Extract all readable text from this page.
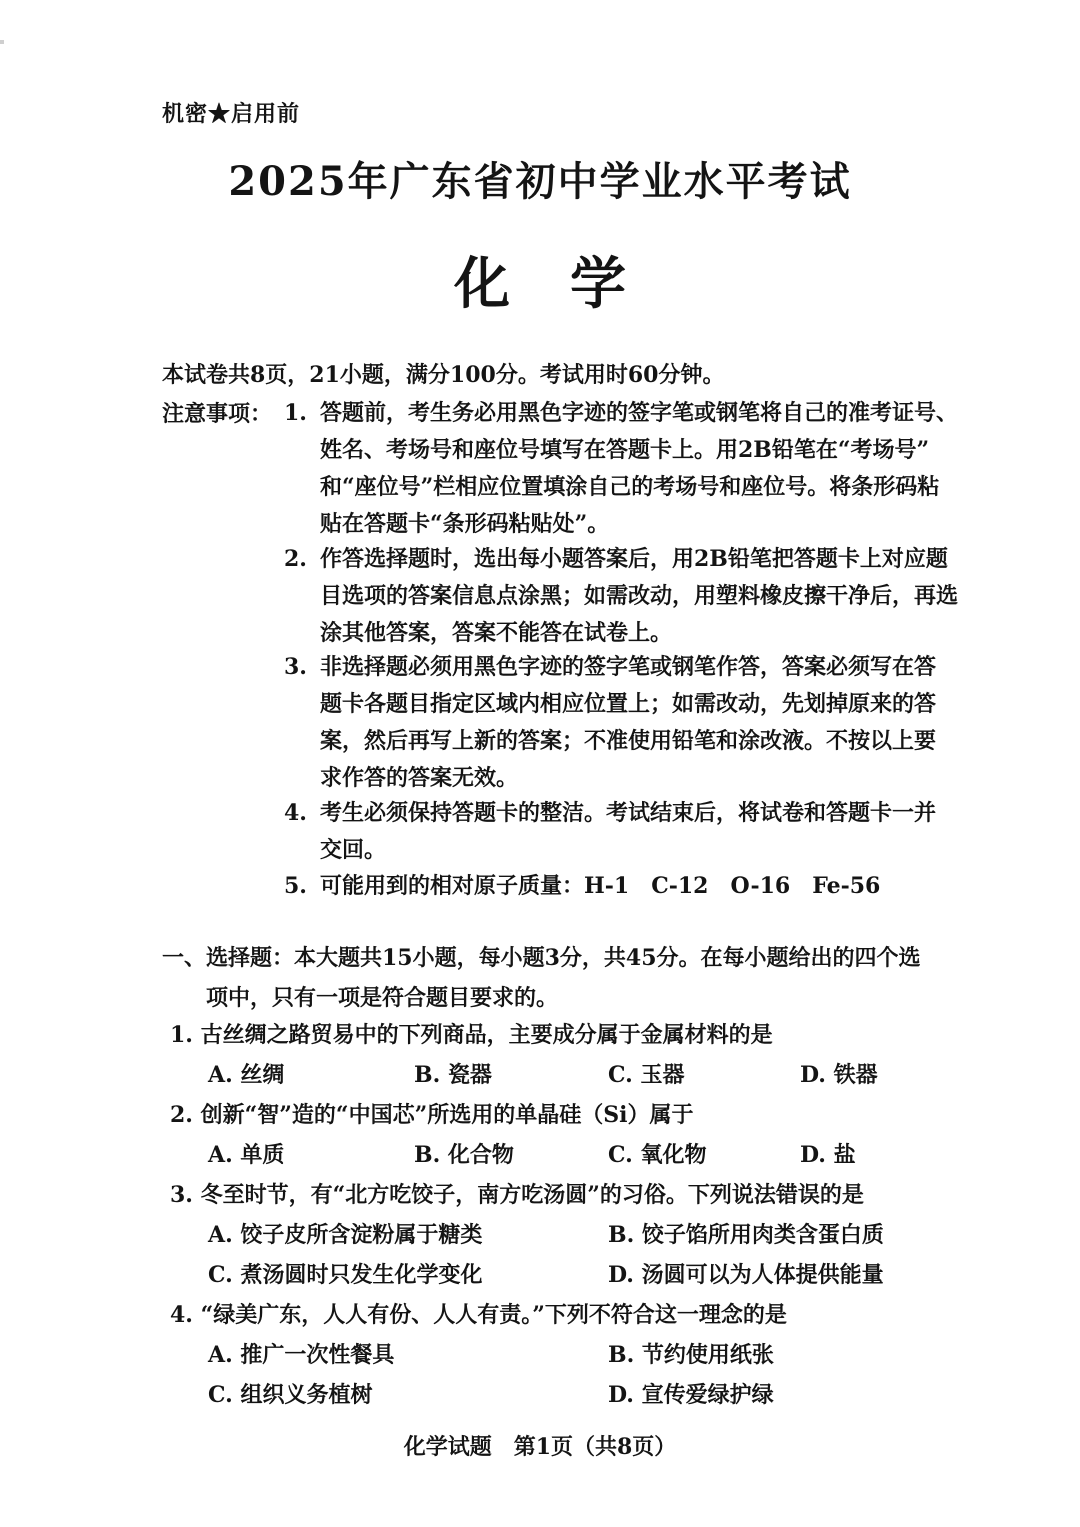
机密★启用前
2025年广东省初中学业水平考试
化学
本试卷共8页，21小题，满分100分。考试用时60分钟。
注意事项： 1. 答题前，考生务必用黑色字迹的签字笔或钢笔将自己的准考证号、
姓名、考场号和座位号填写在答题卡上。用2B铅笔在“考场号”
和“座位号”栏相应位置填涂自己的考场号和座位号。将条形码粘
贴在答题卡“条形码粘贴处”。
2. 作答选择题时，选出每小题答案后，用2B铅笔把答题卡上对应题
目选项的答案信息点涂黑；如需改动，用塑料橡皮擦干净后，再选
涂其他答案，答案不能答在试卷上。
3. 非选择题必须用黑色字迹的签字笔或钢笔作答，答案必须写在答
题卡各题目指定区域内相应位置上；如需改动，先划掉原来的答
案，然后再写上新的答案；不准使用铅笔和涂改液。不按以上要
求作答的答案无效。
4. 考生必须保持答题卡的整洁。考试结束后，将试卷和答题卡一并
交回。
5. 可能用到的相对原子质量：H-1　C-12　O-16　Fe-56
一、选择题：本大题共15小题，每小题3分，共45分。在每小题给出的四个选
项中，只有一项是符合题目要求的。
1. 古丝绸之路贸易中的下列商品，主要成分属于金属材料的是
A. 丝绸	B. 瓷器	C. 玉器	D. 铁器
2. 创新“智”造的“中国芯”所选用的单晶硅（Si）属于
A. 单质	B. 化合物	C. 氧化物	D. 盐
3. 冬至时节，有“北方吃饺子，南方吃汤圆”的习俗。下列说法错误的是
A. 饺子皮所含淀粉属于糖类	B. 饺子馅所用肉类含蛋白质
C. 煮汤圆时只发生化学变化	D. 汤圆可以为人体提供能量
4. “绿美广东，人人有份、人人有责。”下列不符合这一理念的是
A. 推广一次性餐具	B. 节约使用纸张
C. 组织义务植树	D. 宣传爱绿护绿
化学试题　第1页（共8页）
